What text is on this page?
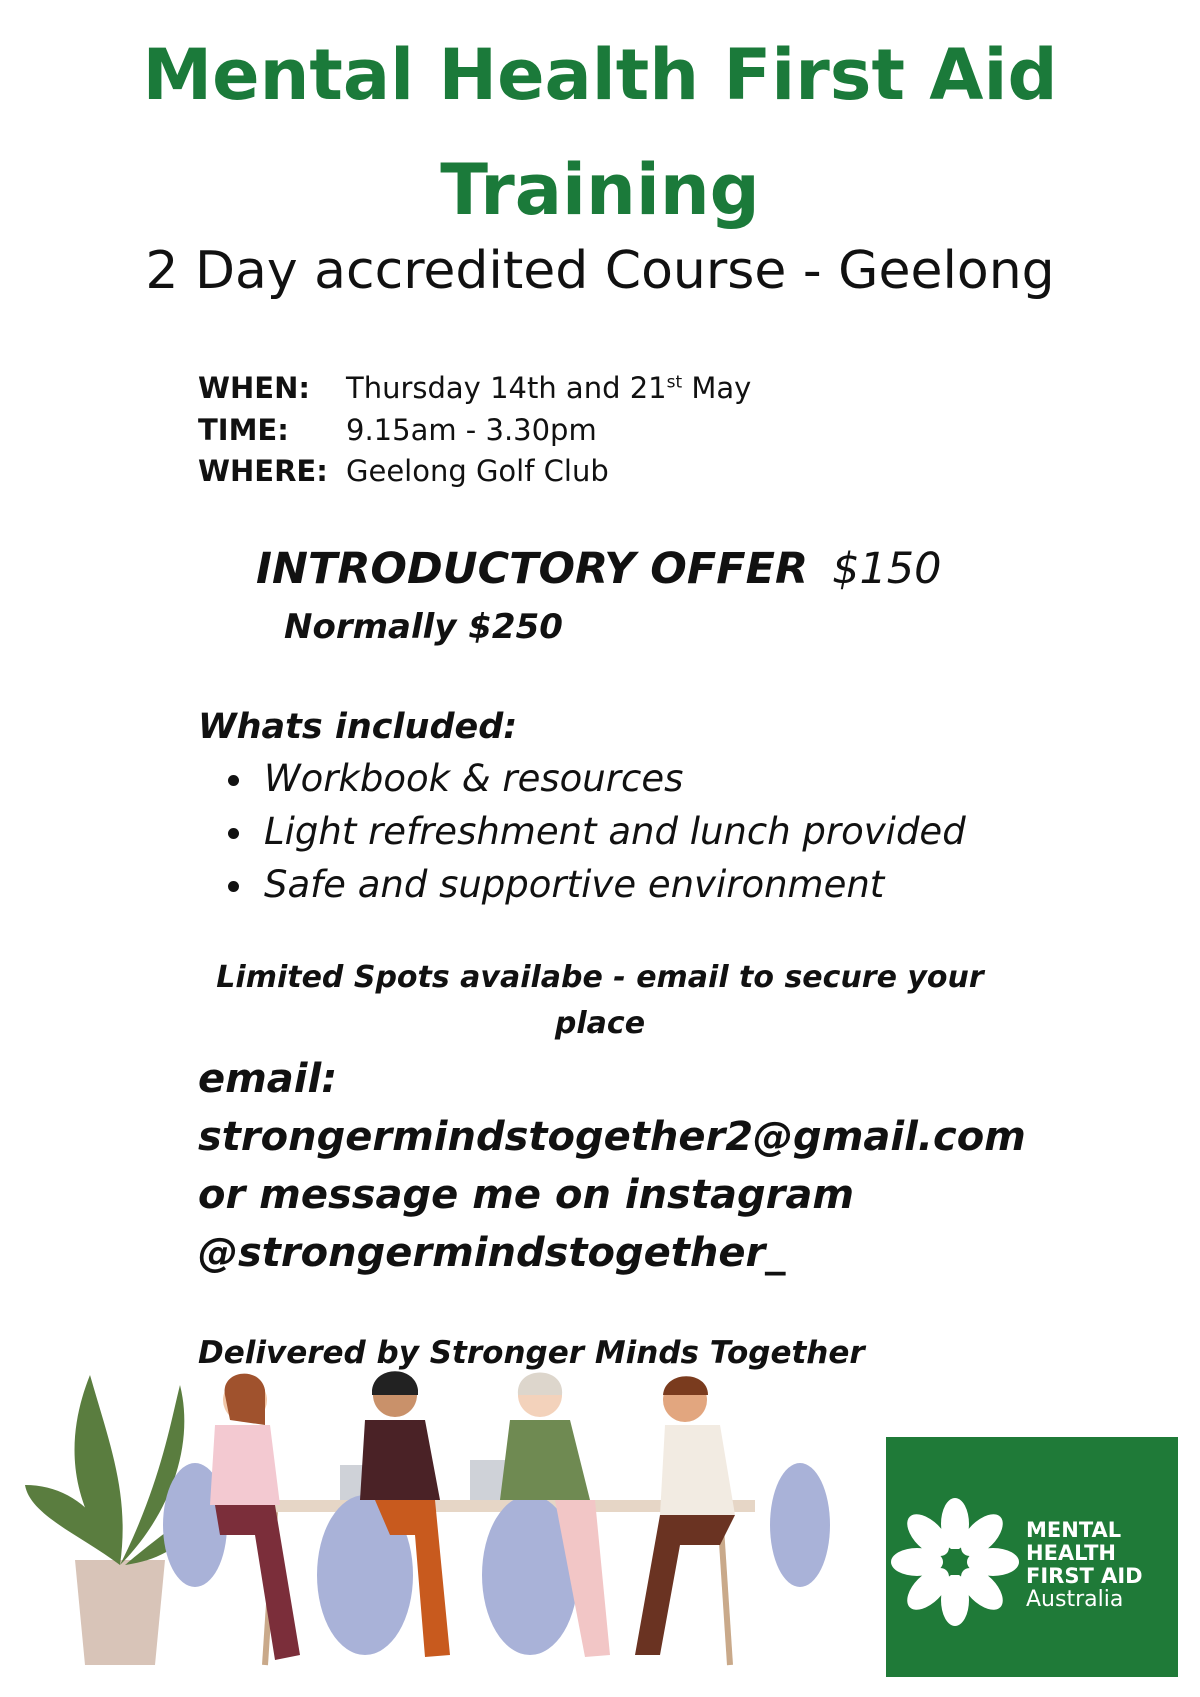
Mental Health First Aid
Training
2 Day accredited Course - Geelong
WHEN: Thursday 14th and 21st May
TIME: 9.15am - 3.30pm
WHERE: Geelong Golf Club
INTRODUCTORY OFFER $150
Normally $250
Whats included:
Workbook & resources
Light refreshment and lunch provided
Safe and supportive environment
Limited Spots availabe - email to secure your
place
email:
strongermindstogether2@gmail.com
or message me on instagram
@strongermindstogether_
Delivered by Stronger Minds Together
MENTAL
HEALTH
FIRST AID
Australia
